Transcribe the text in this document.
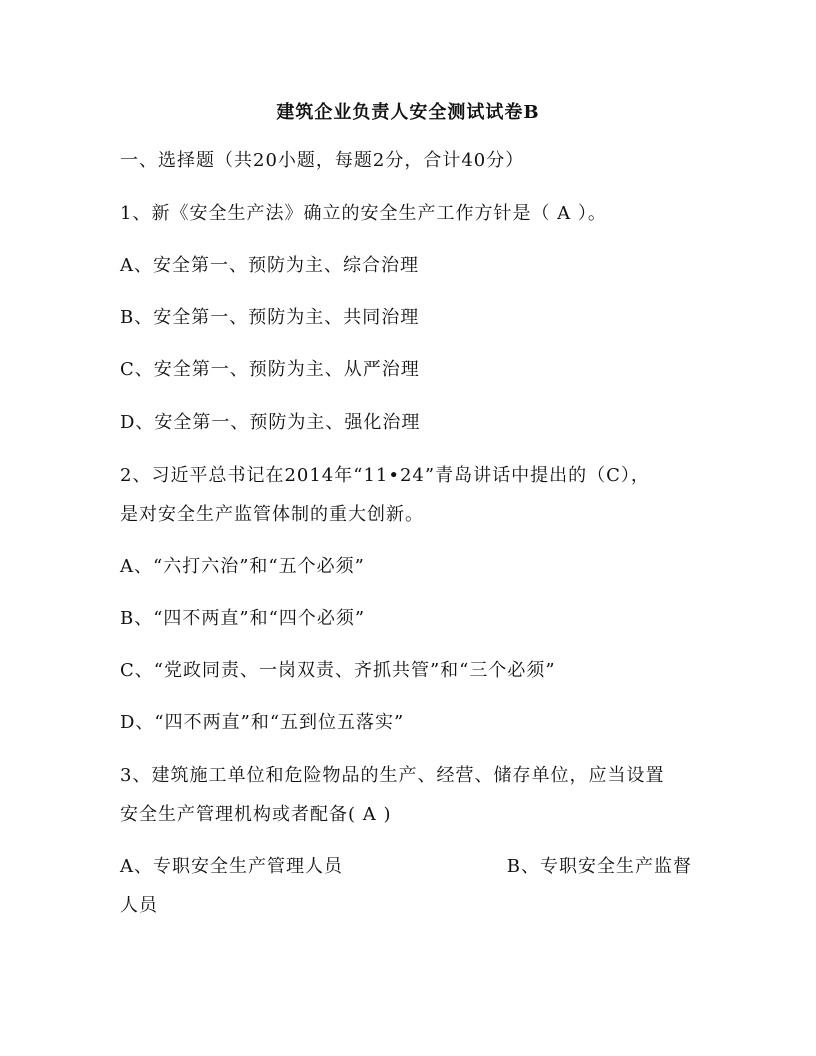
建筑企业负责人安全测试试卷B
一、选择题（共20小题，每题2分，合计40分）
1、新《安全生产法》确立的安全生产工作方针是（ A ）。
A、安全第一、预防为主、综合治理
B、安全第一、预防为主、共同治理
C、安全第一、预防为主、从严治理
D、安全第一、预防为主、强化治理
2、习近平总书记在2014年“11•24”青岛讲话中提出的（C），
是对安全生产监管体制的重大创新。
A、“六打六治”和“五个必须”
B、“四不两直”和“四个必须”
C、“党政同责、一岗双责、齐抓共管”和“三个必须”
D、“四不两直”和“五到位五落实”
3、建筑施工单位和危险物品的生产、经营、储存单位，应当设置
安全生产管理机构或者配备( A )
A、专职安全生产管理人员	B、专职安全生产监督
人员
